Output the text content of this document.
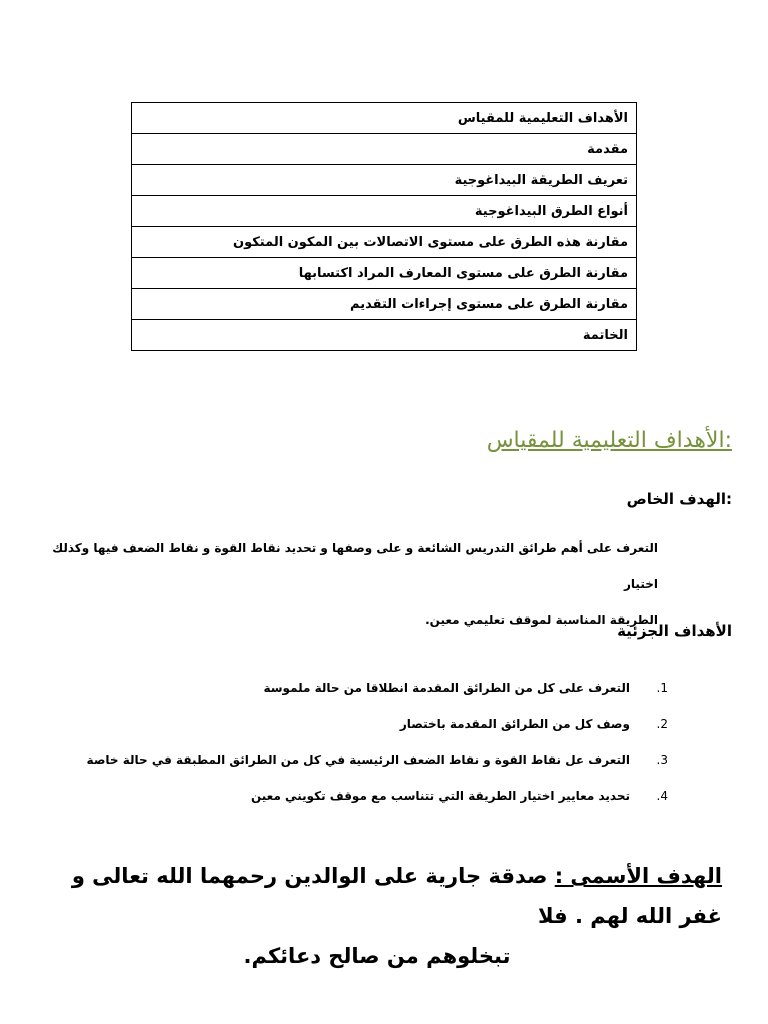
الأهداف التعليمية للمقياس
مقدمة
تعريف الطريقة البيداغوجية
أنواع الطرق البيداغوجية
مقارنة هذه الطرق على مستوى الاتصالات بين المكون المتكون
مقارنة الطرق على مستوى المعارف المراد اكتسابها
مقارنة الطرق على مستوى إجراءات التقديم
الخاتمة
:الأهداف التعليمية للمقياس
:الهدف الخاص

التعرف على أهم طرائق التدريس الشائعة و على وصفها و تحديد نقاط القوة و نقاط الضعف فيها وكذلك اختيار
الطريقة المناسبة لموقف تعليمي معين.

الأهداف الجزئية
1.
التعرف على كل من الطرائق المقدمة انطلاقا من حالة ملموسة
2.
وصف كل من الطرائق المقدمة باختصار
3.
التعرف عل نقاط القوة و نقاط الضعف الرئيسية في كل من الطرائق المطبقة في حالة خاصة
4.
تحديد معايير اختيار الطريقة التي تتناسب مع موقف تكويني معين

الهدف الأسمى : صدقة جارية على الوالدين رحمهما الله تعالى و غفر الله لهم . فلا
تبخلوهم من صالح دعائكم.
